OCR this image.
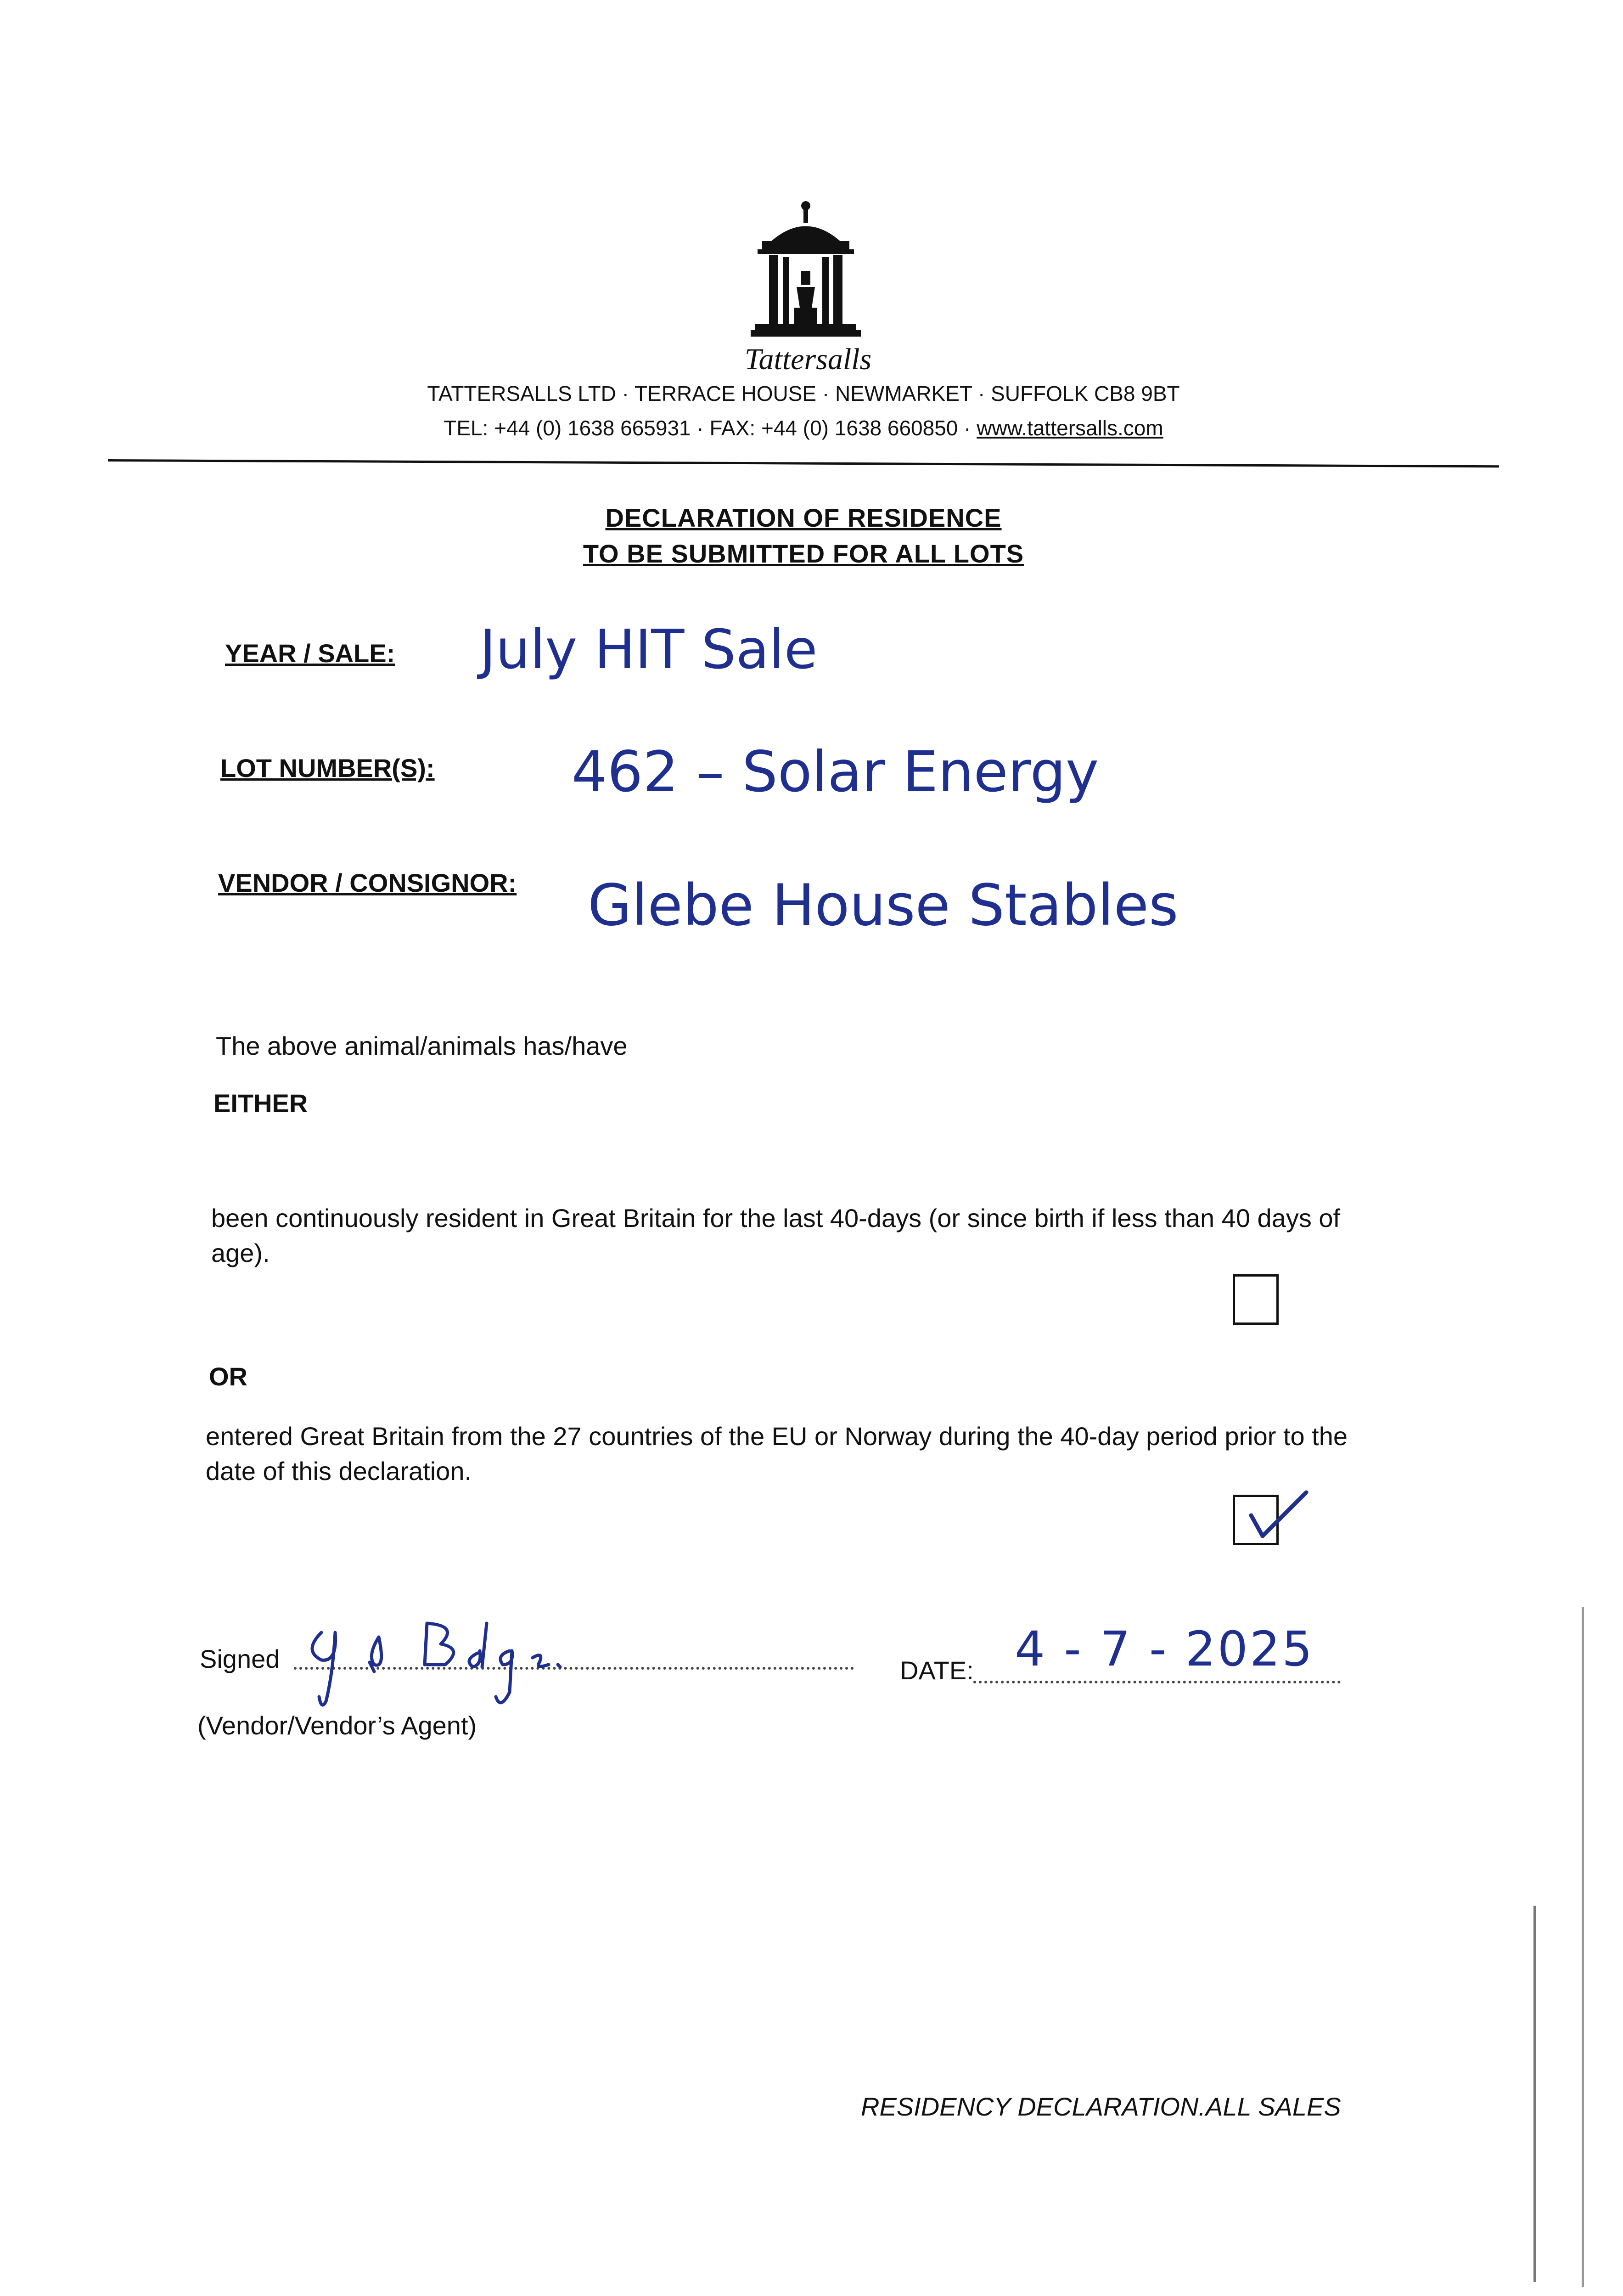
Tattersalls
TATTERSALLS LTD · TERRACE HOUSE · NEWMARKET · SUFFOLK CB8 9BT
TEL: +44 (0) 1638 665931 · FAX: +44 (0) 1638 660850 · www.tattersalls.com
DECLARATION OF RESIDENCE
TO BE SUBMITTED FOR ALL LOTS
YEAR / SALE: July HIT Sale
LOT NUMBER(S): 462 – Solar Energy
VENDOR / CONSIGNOR: Glebe House Stables
The above animal/animals has/have
EITHER
been continuously resident in Great Britain for the last 40-days (or since birth if less than 40 days of age).
OR
entered Great Britain from the 27 countries of the EU or Norway during the 40-day period prior to the date of this declaration.
Signed
(Vendor/Vendor’s Agent)
DATE: 4 - 7 - 2025
RESIDENCY DECLARATION.ALL SALES
